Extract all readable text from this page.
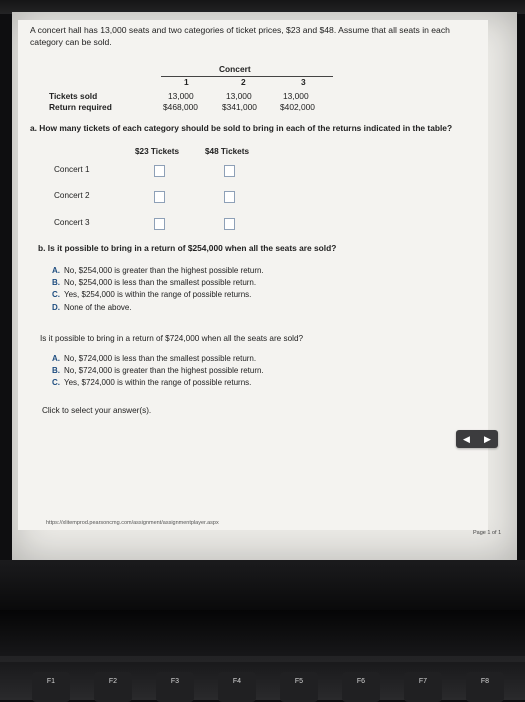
A concert hall has 13,000 seats and two categories of ticket prices, $23 and $48. Assume that all seats in each category can be sold.
Concert
1	2	3
Tickets sold	13,000	13,000	13,000
Return required	$468,000	$341,000	$402,000
a. How many tickets of each category should be sold to bring in each of the returns indicated in the table?
$23 Tickets	$48 Tickets
Concert 1
Concert 2
Concert 3
b. Is it possible to bring in a return of $254,000 when all the seats are sold?
A. No, $254,000 is greater than the highest possible return.
B. No, $254,000 is less than the smallest possible return.
C. Yes, $254,000 is within the range of possible returns.
D. None of the above.
Is it possible to bring in a return of $724,000 when all the seats are sold?
A. No, $724,000 is less than the smallest possible return.
B. No, $724,000 is greater than the highest possible return.
C. Yes, $724,000 is within the range of possible returns.
Click to select your answer(s).
◀ ▶
https://xlitemprod.pearsoncmg.com/assignment/assignmentplayer.aspx
Page 1 of 1
F1	F2	F3	F4	F5	F6	F7	F8
